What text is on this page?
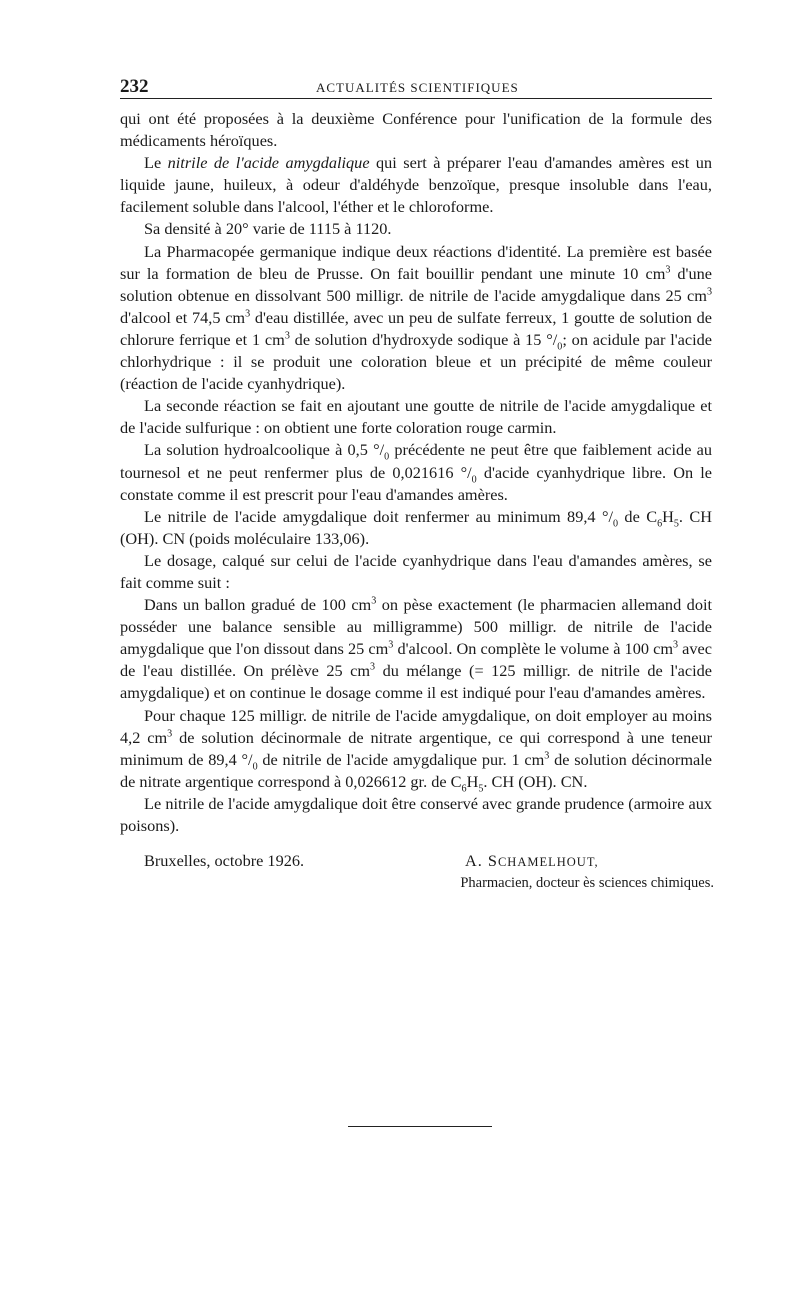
232	ACTUALITÉS SCIENTIFIQUES

qui ont été proposées à la deuxième Conférence pour l'unification de la formule des médicaments héroïques.

Le nitrile de l'acide amygdalique qui sert à préparer l'eau d'amandes amères est un liquide jaune, huileux, à odeur d'aldéhyde benzoïque, presque insoluble dans l'eau, facilement soluble dans l'alcool, l'éther et le chloroforme.

Sa densité à 20° varie de 1115 à 1120.

La Pharmacopée germanique indique deux réactions d'identité. La première est basée sur la formation de bleu de Prusse. On fait bouillir pendant une minute 10 $cm^3$ d'une solution obtenue en dissolvant 500 milligr. de nitrile de l'acide amygdalique dans 25 $cm^3$ d'alcool et 74,5 $cm^3$ d'eau distillée, avec un peu de sulfate ferreux, 1 goutte de solution de chlorure ferrique et 1 $cm^3$ de solution d'hydroxyde sodique à 15 $^\circ/_0$; on acidule par l'acide chlorhydrique : il se produit une coloration bleue et un précipité de même couleur (réaction de l'acide cyanhydrique).

La seconde réaction se fait en ajoutant une goutte de nitrile de l'acide amygdalique et de l'acide sulfurique : on obtient une forte coloration rouge carmin.

La solution hydroalcoolique à 0,5 $^\circ/_0$ précédente ne peut être que faiblement acide au tournesol et ne peut renfermer plus de 0,021616 $^\circ/_0$ d'acide cyanhydrique libre. On le constate comme il est prescrit pour l'eau d'amandes amères.

Le nitrile de l'acide amygdalique doit renfermer au minimum 89,4 $^\circ/_0$ de $C_6H_5$. CH (OH). CN (poids moléculaire 133,06).

Le dosage, calqué sur celui de l'acide cyanhydrique dans l'eau d'amandes amères, se fait comme suit :

Dans un ballon gradué de 100 $cm^3$ on pèse exactement (le pharmacien allemand doit posséder une balance sensible au milligramme) 500 milligr. de nitrile de l'acide amygdalique que l'on dissout dans 25 $cm^3$ d'alcool. On complète le volume à 100 $cm^3$ avec de l'eau distillée. On prélève 25 $cm^3$ du mélange (= 125 milligr. de nitrile de l'acide amygdalique) et on continue le dosage comme il est indiqué pour l'eau d'amandes amères.

Pour chaque 125 milligr. de nitrile de l'acide amygdalique, on doit employer au moins 4,2 $cm^3$ de solution décinormale de nitrate argentique, ce qui correspond à une teneur minimum de 89,4 $^\circ/_0$ de nitrile de l'acide amygdalique pur. 1 $cm^3$ de solution décinormale de nitrate argentique correspond à 0,026612 gr. de $C_6H_5$. CH (OH). CN.

Le nitrile de l'acide amygdalique doit être conservé avec grande prudence (armoire aux poisons).

Bruxelles, octobre 1926.	A. SCHAMELHOUT,
Pharmacien, docteur ès sciences chimiques.
